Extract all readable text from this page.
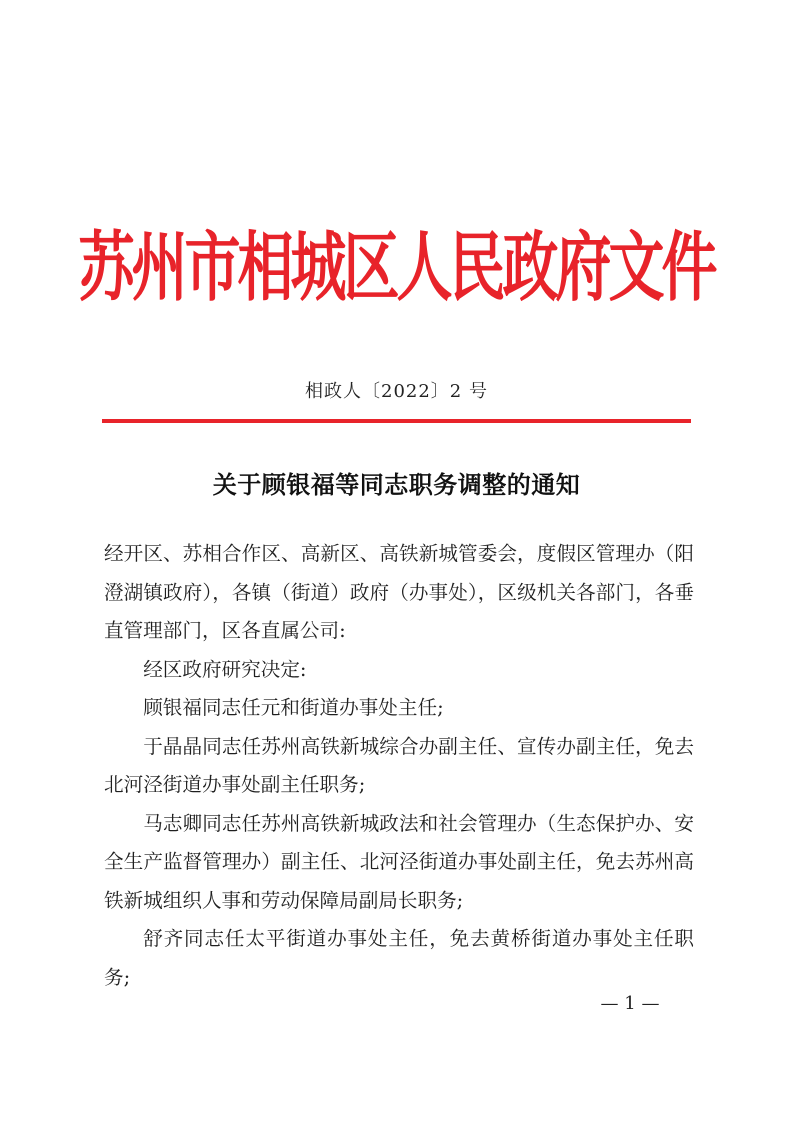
苏州市相城区人民政府文件
相政人〔2022〕2 号
关于顾银福等同志职务调整的通知

经开区、苏相合作区、高新区、高铁新城管委会，度假区管理办（阳澄湖镇政府），各镇（街道）政府（办事处），区级机关各部门，各垂直管理部门，区各直属公司:

经区政府研究决定:

顾银福同志任元和街道办事处主任;

于晶晶同志任苏州高铁新城综合办副主任、宣传办副主任，免去北河泾街道办事处副主任职务;

马志卿同志任苏州高铁新城政法和社会管理办（生态保护办、安全生产监督管理办）副主任、北河泾街道办事处副主任，免去苏州高铁新城组织人事和劳动保障局副局长职务;

舒齐同志任太平街道办事处主任，免去黄桥街道办事处主任职务;

— 1 —
